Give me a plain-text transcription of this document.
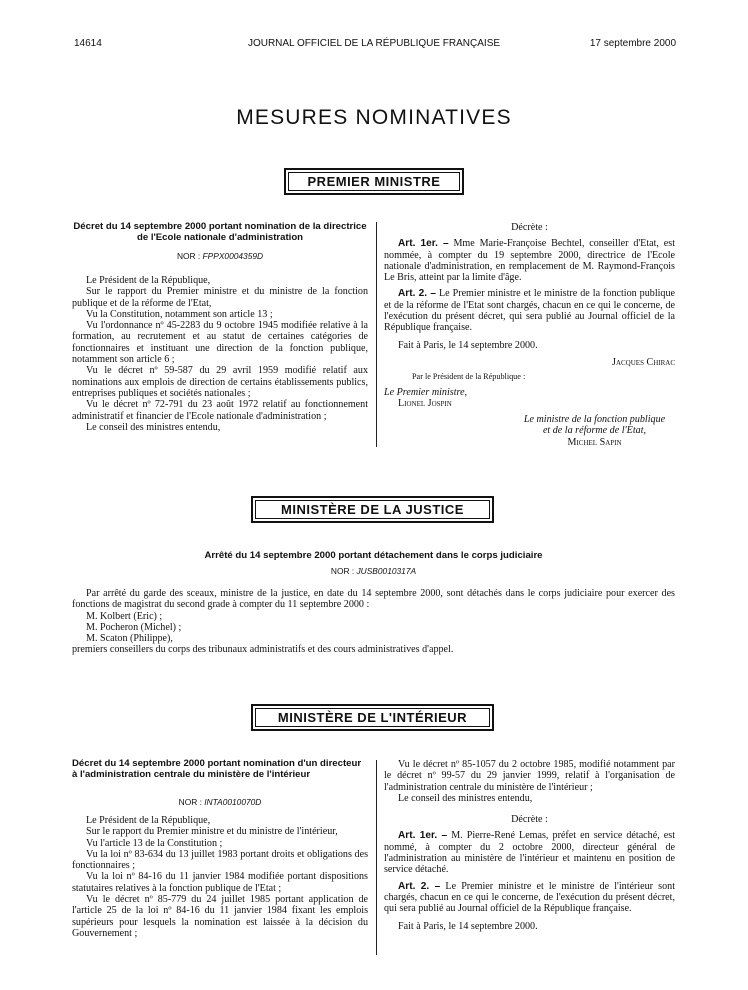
14614	JOURNAL OFFICIEL DE LA RÉPUBLIQUE FRANÇAISE	17 septembre 2000
MESURES NOMINATIVES
PREMIER MINISTRE
Décret du 14 septembre 2000 portant nomination de la directrice de l'Ecole nationale d'administration
NOR : FPPX0004359D

Le Président de la République,

Sur le rapport du Premier ministre et du ministre de la fonction publique et de la réforme de l'Etat,

Vu la Constitution, notamment son article 13 ;

Vu l'ordonnance nº 45-2283 du 9 octobre 1945 modifiée relative à la formation, au recrutement et au statut de certaines catégories de fonctionnaires et instituant une direction de la fonction publique, notamment son article 6 ;

Vu le décret nº 59-587 du 29 avril 1959 modifié relatif aux nominations aux emplois de direction de certains établissements publics, entreprises publiques et sociétés nationales ;

Vu le décret nº 72-791 du 23 août 1972 relatif au fonctionnement administratif et financier de l'Ecole nationale d'administration ;

Le conseil des ministres entendu,

Décrète :

Art. 1er. – Mme Marie-Françoise Bechtel, conseiller d'Etat, est nommée, à compter du 19 septembre 2000, directrice de l'Ecole nationale d'administration, en remplacement de M. Raymond-François Le Bris, atteint par la limite d'âge.

Art. 2. – Le Premier ministre et le ministre de la fonction publique et de la réforme de l'Etat sont chargés, chacun en ce qui le concerne, de l'exécution du présent décret, qui sera publié au Journal officiel de la République française.

Fait à Paris, le 14 septembre 2000.

Jacques Chirac

Par le Président de la République :

Le Premier ministre,

Lionel Jospin

Le ministre de la fonction publique

et de la réforme de l'Etat,

Michel Sapin

MINISTÈRE DE LA JUSTICE
Arrêté du 14 septembre 2000 portant détachement dans le corps judiciaire
NOR : JUSB0010317A

Par arrêté du garde des sceaux, ministre de la justice, en date du 14 septembre 2000, sont détachés dans le corps judiciaire pour exercer des fonctions de magistrat du second grade à compter du 11 septembre 2000 :

M. Kolbert (Eric) ;

M. Pocheron (Michel) ;

M. Scaton (Philippe),

premiers conseillers du corps des tribunaux administratifs et des cours administratives d'appel.

MINISTÈRE DE L'INTÉRIEUR
Décret du 14 septembre 2000 portant nomination d'un directeur à l'administration centrale du ministère de l'intérieur
NOR : INTA0010070D

Le Président de la République,

Sur le rapport du Premier ministre et du ministre de l'intérieur,

Vu l'article 13 de la Constitution ;

Vu la loi nº 83-634 du 13 juillet 1983 portant droits et obligations des fonctionnaires ;

Vu la loi nº 84-16 du 11 janvier 1984 modifiée portant dispositions statutaires relatives à la fonction publique de l'Etat ;

Vu le décret nº 85-779 du 24 juillet 1985 portant application de l'article 25 de la loi nº 84-16 du 11 janvier 1984 fixant les emplois supérieurs pour lesquels la nomination est laissée à la décision du Gouvernement ;

Vu le décret nº 85-1057 du 2 octobre 1985, modifié notamment par le décret nº 99-57 du 29 janvier 1999, relatif à l'organisation de l'administration centrale du ministère de l'intérieur ;

Le conseil des ministres entendu,

Décrète :

Art. 1er. – M. Pierre-René Lemas, préfet en service détaché, est nommé, à compter du 2 octobre 2000, directeur général de l'administration au ministère de l'intérieur et maintenu en position de service détaché.

Art. 2. – Le Premier ministre et le ministre de l'intérieur sont chargés, chacun en ce qui le concerne, de l'exécution du présent décret, qui sera publié au Journal officiel de la République française.

Fait à Paris, le 14 septembre 2000.
